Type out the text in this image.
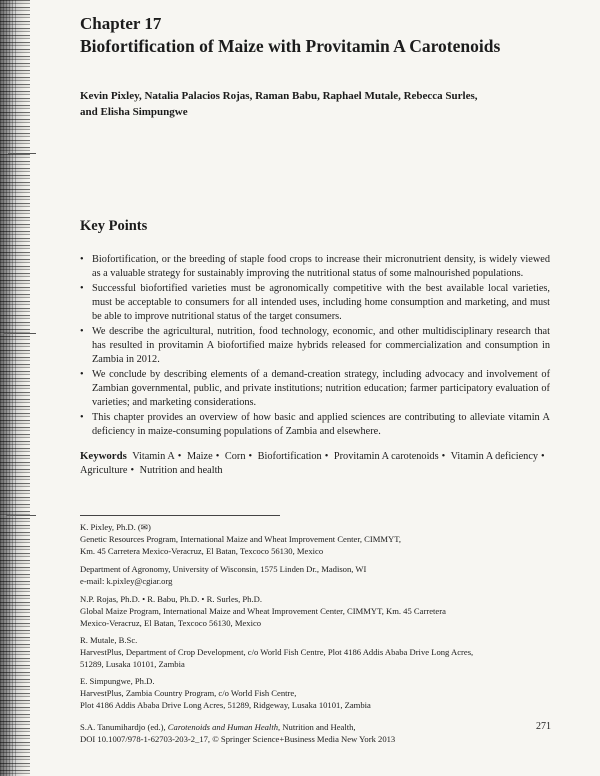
Chapter 17
Biofortification of Maize with Provitamin A Carotenoids
Kevin Pixley, Natalia Palacios Rojas, Raman Babu, Raphael Mutale, Rebecca Surles,
and Elisha Simpungwe
Key Points
• Biofortification, or the breeding of staple food crops to increase their micronutrient density, is widely viewed as a valuable strategy for sustainably improving the nutritional status of some malnourished populations.
• Successful biofortified varieties must be agronomically competitive with the best available local varieties, must be acceptable to consumers for all intended uses, including home consumption and marketing, and must be able to improve nutritional status of the target consumers.
• We describe the agricultural, nutrition, food technology, economic, and other multidisciplinary research that has resulted in provitamin A biofortified maize hybrids released for commercialization and consumption in Zambia in 2012.
• We conclude by describing elements of a demand-creation strategy, including advocacy and involvement of Zambian governmental, public, and private institutions; nutrition education; farmer participatory evaluation of varieties; and marketing considerations.
• This chapter provides an overview of how basic and applied sciences are contributing to alleviate vitamin A deficiency in maize-consuming populations of Zambia and elsewhere.
Keywords Vitamin A • Maize • Corn • Biofortification • Provitamin A carotenoids • Vitamin A deficiency • Agriculture • Nutrition and health
K. Pixley, Ph.D. (✉)
Genetic Resources Program, International Maize and Wheat Improvement Center, CIMMYT,
Km. 45 Carretera Mexico-Veracruz, El Batan, Texcoco 56130, Mexico
Department of Agronomy, University of Wisconsin, 1575 Linden Dr., Madison, WI
e-mail: k.pixley@cgiar.org
N.P. Rojas, Ph.D. • R. Babu, Ph.D. • R. Surles, Ph.D.
Global Maize Program, International Maize and Wheat Improvement Center, CIMMYT, Km. 45 Carretera
Mexico-Veracruz, El Batan, Texcoco 56130, Mexico
R. Mutale, B.Sc.
HarvestPlus, Department of Crop Development, c/o World Fish Centre, Plot 4186 Addis Ababa Drive Long Acres,
51289, Lusaka 10101, Zambia
E. Simpungwe, Ph.D.
HarvestPlus, Zambia Country Program, c/o World Fish Centre,
Plot 4186 Addis Ababa Drive Long Acres, 51289, Ridgeway, Lusaka 10101, Zambia
S.A. Tanumihardjo (ed.), Carotenoids and Human Health, Nutrition and Health,
DOI 10.1007/978-1-62703-203-2_17, © Springer Science+Business Media New York 2013
271
